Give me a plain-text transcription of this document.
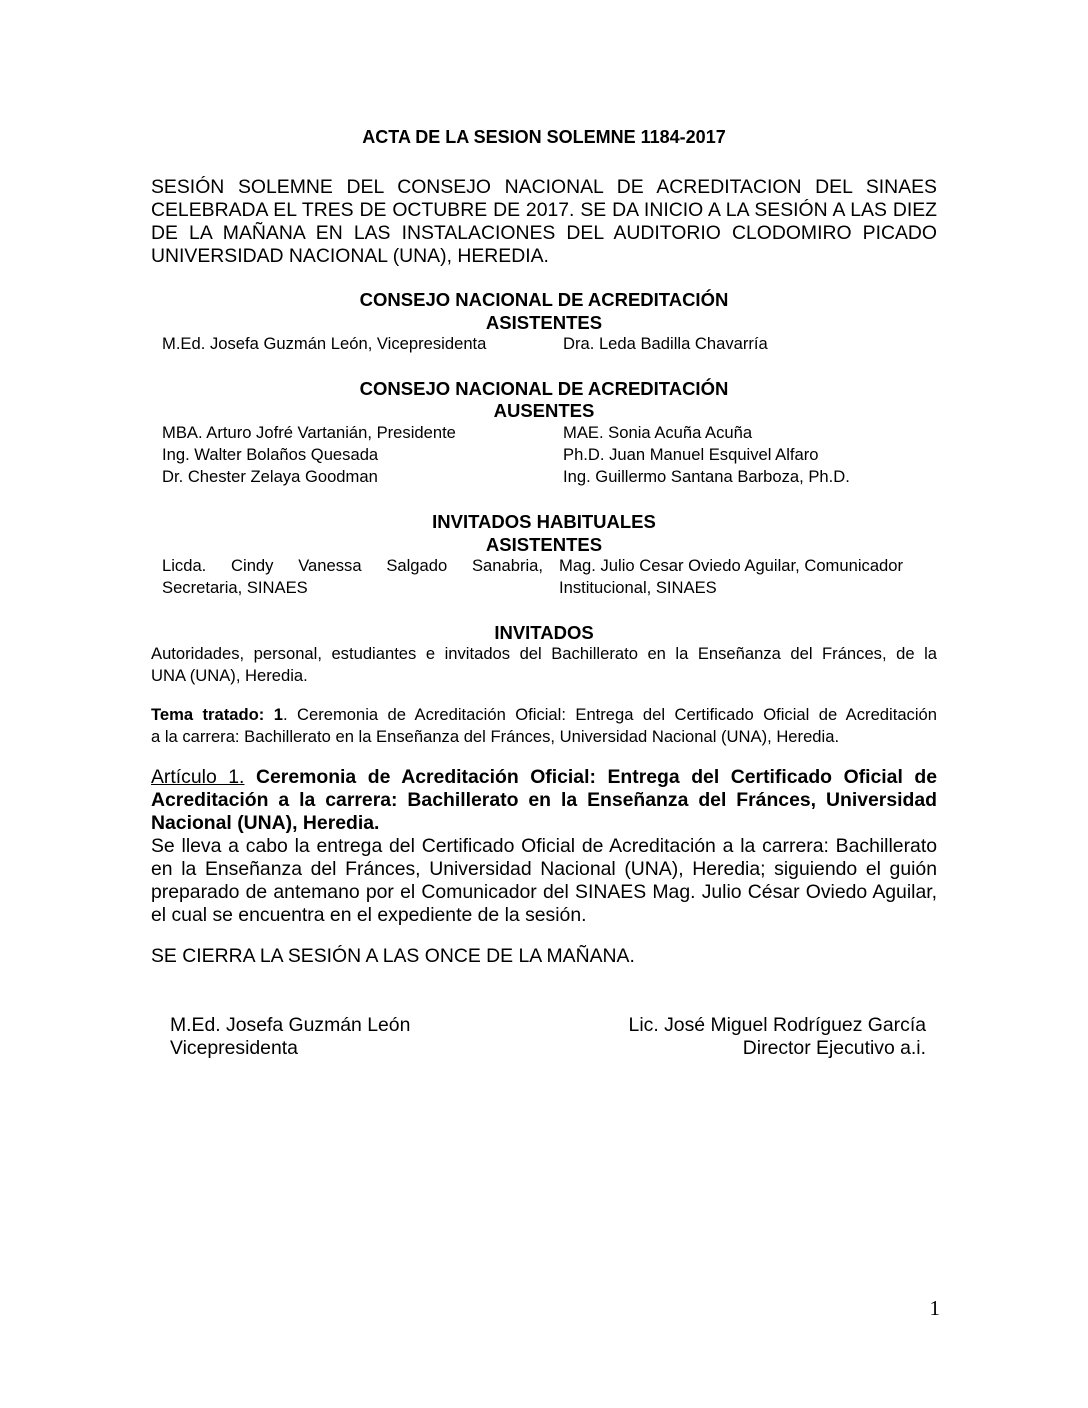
ACTA DE LA SESION SOLEMNE 1184-2017
SESIÓN SOLEMNE DEL CONSEJO NACIONAL DE ACREDITACION DEL SINAES
CELEBRADA EL TRES DE OCTUBRE DE 2017. SE DA INICIO A LA SESIÓN A LAS DIEZ
DE LA MAÑANA EN LAS INSTALACIONES DEL AUDITORIO CLODOMIRO PICADO
UNIVERSIDAD NACIONAL (UNA), HEREDIA.
CONSEJO NACIONAL DE ACREDITACIÓN
ASISTENTES
M.Ed. Josefa Guzmán León, Vicepresidenta	Dra. Leda Badilla Chavarría
CONSEJO NACIONAL DE ACREDITACIÓN
AUSENTES
MBA. Arturo Jofré Vartanián, Presidente
Ing. Walter Bolaños Quesada
Dr. Chester Zelaya Goodman
MAE. Sonia Acuña Acuña
Ph.D. Juan Manuel Esquivel Alfaro
Ing. Guillermo Santana Barboza, Ph.D.
INVITADOS HABITUALES
ASISTENTES
Licda. Cindy Vanessa Salgado Sanabria,
Secretaria, SINAES
Mag. Julio Cesar Oviedo Aguilar, Comunicador
Institucional, SINAES
INVITADOS
Autoridades, personal, estudiantes e invitados del Bachillerato en la Enseñanza del Fránces, de la
UNA (UNA), Heredia.
Tema tratado: 1. Ceremonia de Acreditación Oficial: Entrega del Certificado Oficial de Acreditación
a la carrera: Bachillerato en la Enseñanza del Fránces, Universidad Nacional (UNA), Heredia.
Artículo 1. Ceremonia de Acreditación Oficial: Entrega del Certificado Oficial de
Acreditación a la carrera: Bachillerato en la Enseñanza del Fránces, Universidad
Nacional (UNA), Heredia.
Se lleva a cabo la entrega del Certificado Oficial de Acreditación a la carrera: Bachillerato
en la Enseñanza del Fránces, Universidad Nacional (UNA), Heredia; siguiendo el guión
preparado de antemano por el Comunicador del SINAES Mag. Julio César Oviedo Aguilar,
el cual se encuentra en el expediente de la sesión.
SE CIERRA LA SESIÓN A LAS ONCE DE LA MAÑANA.
M.Ed. Josefa Guzmán León
Vicepresidenta
Lic. José Miguel Rodríguez García
Director Ejecutivo a.i.
1
